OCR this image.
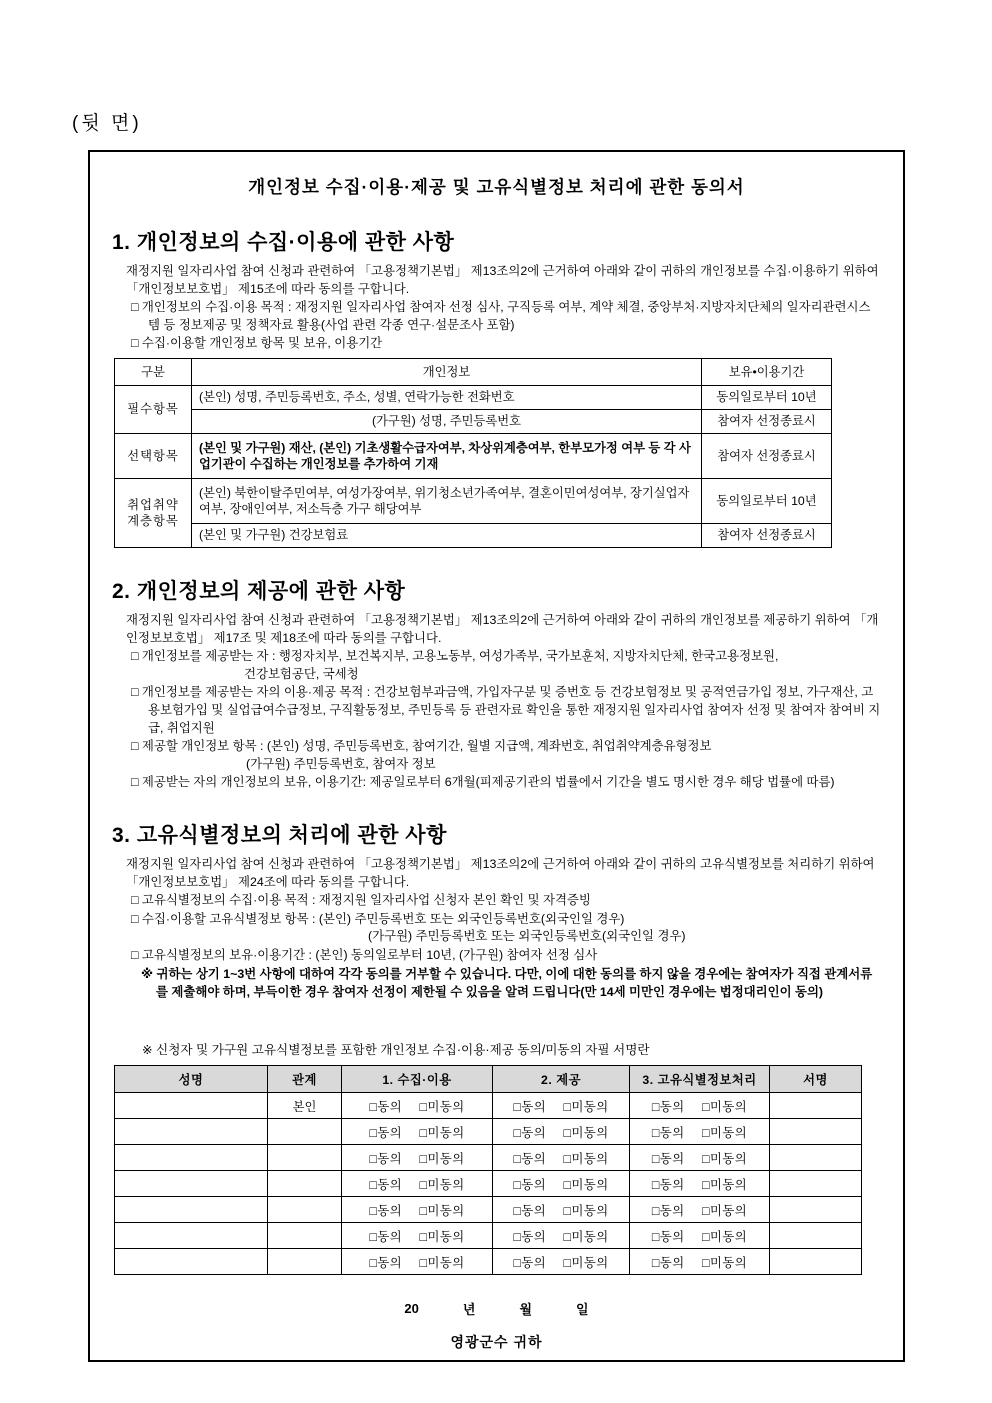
(뒷 면)
개인정보 수집·이용·제공 및 고유식별정보 처리에 관한 동의서
1. 개인정보의 수집·이용에 관한 사항

재정지원 일자리사업 참여 신청과 관련하여 「고용정책기본법」 제13조의2에 근거하여 아래와 같이 귀하의 개인정보를 수집·이용하기 위하여 「개인정보보호법」 제15조에 따라 동의를 구합니다.

□ 개인정보의 수집·이용 목적 : 재정지원 일자리사업 참여자 선정 심사, 구직등록 여부, 계약 체결, 중앙부처·지방자치단체의 일자리관련시스템 등 정보제공 및 정책자료 활용(사업 관련 각종 연구·설문조사 포함)

□ 수집·이용할 개인정보 항목 및 보유, 이용기간

구분	개인정보	보유•이용기간
필수항목	(본인) 성명, 주민등록번호, 주소, 성별, 연락가능한 전화번호	동의일로부터 10년
	(가구원) 성명, 주민등록번호	참여자 선정종료시
선택항목	(본인 및 가구원) 재산, (본인) 기초생활수급자여부, 차상위계층여부, 한부모가정 여부 등 각 사업기관이 수집하는 개인정보를 추가하여 기재	참여자 선정종료시

취업취약
계층항목	(본인) 북한이탈주민여부, 여성가장여부, 위기청소년가족여부, 결혼이민여성여부, 장기실업자여부, 장애인여부, 저소득층 가구 해당여부	동의일로부터 10년
	(본인 및 가구원) 건강보험료	참여자 선정종료시
2. 개인정보의 제공에 관한 사항

재정지원 일자리사업 참여 신청과 관련하여 「고용정책기본법」 제13조의2에 근거하여 아래와 같이 귀하의 개인정보를 제공하기 위하여 「개인정보보호법」 제17조 및 제18조에 따라 동의를 구합니다.

□ 개인정보를 제공받는 자 : 행정자치부, 보건복지부, 고용노동부, 여성가족부, 국가보훈처, 지방자치단체, 한국고용정보원,

건강보험공단, 국세청

□ 개인정보를 제공받는 자의 이용·제공 목적 : 건강보험부과금액, 가입자구분 및 증번호 등 건강보험정보 및 공적연금가입 정보, 가구재산, 고용보험가입 및 실업급여수급정보, 구직활동정보, 주민등록 등 관련자료 확인을 통한 재정지원 일자리사업 참여자 선정 및 참여자 참여비 지급, 취업지원

□ 제공할 개인정보 항목 : (본인) 성명, 주민등록번호, 참여기간, 월별 지급액, 계좌번호, 취업취약계층유형정보

(가구원) 주민등록번호, 참여자 정보

□ 제공받는 자의 개인정보의 보유, 이용기간: 제공일로부터 6개월(피제공기관의 법률에서 기간을 별도 명시한 경우 해당 법률에 따름)

3. 고유식별정보의 처리에 관한 사항

재정지원 일자리사업 참여 신청과 관련하여 「고용정책기본법」 제13조의2에 근거하여 아래와 같이 귀하의 고유식별정보를 처리하기 위하여 「개인정보보호법」 제24조에 따라 동의를 구합니다.

□ 고유식별정보의 수집·이용 목적 : 재정지원 일자리사업 신청자 본인 확인 및 자격증빙

□ 수집·이용할 고유식별정보 항목 : (본인) 주민등록번호 또는 외국인등록번호(외국인일 경우)

(가구원) 주민등록번호 또는 외국인등록번호(외국인일 경우)

□ 고유식별정보의 보유·이용기간 : (본인) 동의일로부터 10년, (가구원) 참여자 선정 심사

※ 귀하는 상기 1~3번 사항에 대하여 각각 동의를 거부할 수 있습니다. 다만, 이에 대한 동의를 하지 않을 경우에는 참여자가 직접 관계서류를 제출해야 하며, 부득이한 경우 참여자 선정이 제한될 수 있음을 알려 드립니다(만 14세 미만인 경우에는 법정대리인이 동의)

※ 신청자 및 가구원 고유식별정보를 포함한 개인정보 수집·이용·제공 동의/미동의 자필 서명란

성명	관계	1. 수집·이용	2. 제공	3. 고유식별정보처리	서명
	본인	□동의 □미동의	□동의 □미동의	□동의 □미동의	
		□동의 □미동의	□동의 □미동의	□동의 □미동의	
		□동의 □미동의	□동의 □미동의	□동의 □미동의	
		□동의 □미동의	□동의 □미동의	□동의 □미동의	
		□동의 □미동의	□동의 □미동의	□동의 □미동의	
		□동의 □미동의	□동의 □미동의	□동의 □미동의	
		□동의 □미동의	□동의 □미동의	□동의 □미동의	
20	년	월	일
영광군수 귀하
